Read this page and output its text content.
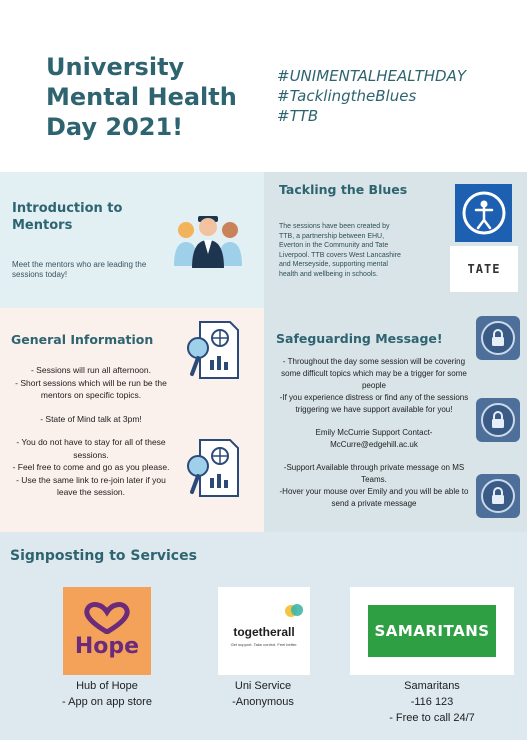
University
Mental Health
Day 2021!
#UNIMENTALHEALTHDAY
#TacklingtheBlues
#TTB
Introduction to
Mentors
Meet the mentors who are leading the sessions today!
Tackling the Blues
The sessions have been created by TTB, a partnership between EHU, Everton in the Community and Tate Liverpool. TTB covers West Lancashire and Merseyside, supporting mental health and wellbeing in schools.	TATE
General Information
- Sessions will run all afternoon.
- Short sessions which will be run be the mentors on specific topics.
- State of Mind talk at 3pm!
- You do not have to stay for all of these sessions.
- Feel free to come and go as you please.
- Use the same link to re-join later if you leave the session.
Safeguarding Message!
- Throughout the day some session will be covering some difficult topics which may be a trigger for some people
-If you experience distress or find any of the sessions triggering we have support available for you!
Emily McCurrie Support Contact-
McCurre@edgehill.ac.uk
-Support Available through private message on MS Teams.
-Hover your mouse over Emily and you will be able to send a private message
Signposting to Services
Hope
togetherall
Get support. Take control. Feel better.
SAMARITANS
Hub of Hope
- App on app store
Uni Service
-Anonymous
Samaritans
-116 123
- Free to call 24/7
